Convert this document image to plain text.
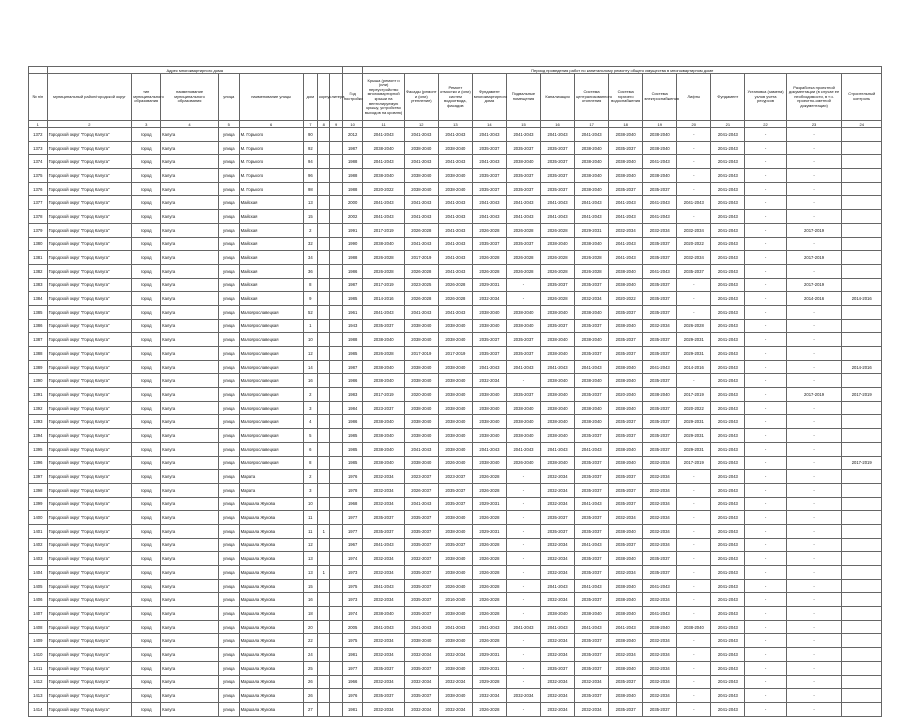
	Адрес многоквартирного дома									Период проведения работ по капитальному ремонту общего имущества в многоквартирном доме													
№ п/п	муниципальный район/городской округ	тип муниципального образования	наименование муниципального образования	улица	наименование улицы	дом	корпус	литера	Год постройки	Крыша (ремонт и (или) переустройство многоквартирной крыши на вентилируемую крышу, устройство выходов на кровлю)	Фасады (ремонт и (или) утепление)	Ремонт отмостки и (или) систем водоотвода, фасадов	Фундамент многоквартирного дома	Подвальные помещения	Канализация	Система централизованного отопления	Система горячего водоснабжения	Система электроснабжения	Лифты	Фундамент	Установка (замена) узлов учета ресурсов	Разработка проектной документации (в случае ее необходимости, в т.ч. проектно-сметной документации)	Строительный контроль
1	2	3	4	5	6	7	8	9	10	11	12	13	14	15	16	17	18	19	20	21	22	23	24
1372	Городской округ "Город Калуга"	город	Калуга	улица	М. Горького	90			2012	2041-2043	2041-2043	2041-2043	2041-2043	2041-2043	2041-2043	2041-2043	2038-2040	2038-2040	-	2041-2043	-	-	
1373	Городской округ "Город Калуга"	город	Калуга	улица	М. Горького	92			1987	2038-2040	2038-2040	2038-2040	2035-2037	2035-2037	2035-2037	2038-2040	2035-2037	2038-2040	-	2041-2043	-	-	
1374	Городской округ "Город Калуга"	город	Калуга	улица	М. Горького	94			1988	2041-2043	2041-2043	2041-2043	2041-2043	2038-2040	2035-2037	2038-2040	2038-2040	2041-2043	-	2041-2043	-	-	
1375	Городской округ "Город Калуга"	город	Калуга	улица	М. Горького	96			1988	2038-2040	2038-2040	2038-2040	2035-2037	2035-2037	2035-2037	2038-2040	2038-2040	2038-2040	-	2041-2043	-	-	
1376	Городской округ "Город Калуга"	город	Калуга	улица	М. Горького	98			1988	2020-2022	2038-2040	2038-2040	2035-2037	2035-2037	2035-2037	2038-2040	2035-2037	2035-2037	-	2041-2043	-	-	
1377	Городской округ "Город Калуга"	город	Калуга	улица	Майская	13			2000	2041-2043	2041-2043	2041-2043	2041-2043	2041-2043	2041-2043	2041-2043	2041-2043	2041-2043	2041-2043	2041-2043	-	-	
1378	Городской округ "Город Калуга"	город	Калуга	улица	Майская	15			2002	2041-2043	2041-2043	2041-2043	2041-2043	2041-2043	2041-2043	2041-2043	2041-2043	2041-2043	-	2041-2043	-	-	
1379	Городской округ "Город Калуга"	город	Калуга	улица	Майская	2			1991	2017-2019	2026-2028	2041-2043	2026-2028	2026-2028	2026-2028	2029-2031	2032-2034	2032-2034	2032-2034	2041-2043	-	2017-2019	
1380	Городской округ "Город Калуга"	город	Калуга	улица	Майская	32			1990	2038-2040	2041-2043	2041-2043	2035-2037	2035-2037	2038-2040	2038-2040	2041-2043	2035-2037	2020-2022	2041-2043	-	-	
1381	Городской округ "Город Калуга"	город	Калуга	улица	Майская	34			1988	2026-2028	2017-2019	2041-2043	2026-2028	2026-2028	2026-2028	2026-2028	2041-2043	2035-2037	2032-2034	2041-2043	-	2017-2019	
1382	Городской округ "Город Калуга"	город	Калуга	улица	Майская	36			1986	2026-2028	2026-2028	2041-2043	2026-2028	2026-2028	2026-2028	2026-2028	2038-2040	2041-2043	2035-2037	2041-2043	-	-	
1383	Городской округ "Город Калуга"	город	Калуга	улица	Майская	8			1987	2017-2019	2023-2025	2026-2028	2029-2031	-	2035-2037	2035-2037	2038-2040	2035-2037	-	2041-2043	-	2017-2019	
1384	Городской округ "Город Калуга"	город	Калуга	улица	Майская	9			1985	2014-2016	2026-2028	2026-2028	2032-2034	-	2026-2028	2032-2034	2020-2022	2035-2037	-	2041-2043	-	2014-2016	2014-2016
1385	Городской округ "Город Калуга"	город	Калуга	улица	Малоярославецкая	52			1961	2041-2043	2041-2043	2041-2043	2038-2040	2038-2040	2038-2040	2038-2040	2035-2037	2035-2037	-	2041-2043	-	-	
1386	Городской округ "Город Калуга"	город	Калуга	улица	Малоярославецкая	1			1943	2035-2037	2038-2040	2038-2040	2038-2040	2038-2040	2035-2037	2035-2037	2038-2040	2032-2034	2026-2028	2041-2043	-	-	
1387	Городской округ "Город Калуга"	город	Калуга	улица	Малоярославецкая	10			1988	2038-2040	2038-2040	2038-2040	2035-2037	2035-2037	2038-2040	2038-2040	2035-2037	2035-2037	2029-2031	2041-2043	-	-	
1388	Городской округ "Город Калуга"	город	Калуга	улица	Малоярославецкая	12			1985	2026-2028	2017-2019	2017-2019	2035-2037	2035-2037	2038-2040	2035-2037	2035-2037	2035-2037	2029-2031	2041-2043	-	-	
1389	Городской округ "Город Калуга"	город	Калуга	улица	Малоярославецкая	14			1987	2038-2040	2038-2040	2038-2040	2041-2043	2041-2043	2041-2043	2041-2043	2038-2040	2041-2043	2014-2016	2041-2043	-	-	2014-2016
1390	Городской округ "Город Калуга"	город	Калуга	улица	Малоярославецкая	16			1986	2038-2040	2038-2040	2038-2040	2032-2034	-	2038-2040	2038-2040	2038-2040	2035-2037	-	2041-2043	-	-	
1391	Городской округ "Город Калуга"	город	Калуга	улица	Малоярославецкая	2			1983	2017-2019	2020-2040	2038-2040	2038-2040	2035-2037	2038-2040	2035-2037	2020-2040	2038-2040	2017-2019	2041-2043	-	2017-2019	2017-2019
1392	Городской округ "Город Калуга"	город	Калуга	улица	Малоярославецкая	3			1984	2023-2037	2038-2040	2038-2040	2038-2040	2038-2040	2038-2040	2038-2040	2038-2040	2035-2037	2020-2022	2041-2043	-	-	
1393	Городской округ "Город Калуга"	город	Калуга	улица	Малоярославецкая	4			1986	2038-2040	2038-2040	2038-2040	2038-2040	2038-2040	2038-2040	2038-2040	2035-2037	2035-2037	2029-2031	2041-2043	-	-	
1394	Городской округ "Город Калуга"	город	Калуга	улица	Малоярославецкая	5			1985	2038-2040	2038-2040	2038-2040	2038-2040	2038-2040	2038-2040	2035-2037	2035-2037	2035-2037	2029-2031	2041-2043	-	-	
1395	Городской округ "Город Калуга"	город	Калуга	улица	Малоярославецкая	6			1985	2038-2040	2041-2043	2038-2040	2041-2043	2041-2043	2041-2043	2041-2043	2038-2040	2035-2037	2029-2031	2041-2043	-	-	
1396	Городской округ "Город Калуга"	город	Калуга	улица	Малоярославецкая	8			1985	2038-2040	2038-2040	2026-2040	2038-2040	2026-2040	2038-2040	2035-2037	2038-2040	2032-2034	2017-2019	2041-2043	-	-	2017-2019
1397	Городской округ "Город Калуга"	город	Калуга	улица	Марата	2			1976	2032-2034	2023-2037	2023-2037	2026-2028	-	2032-2034	2035-2037	2035-2037	2032-2034	-	2041-2043	-	-	
1398	Городской округ "Город Калуга"	город	Калуга	улица	Марата	3			1978	2032-2034	2026-2037	2035-2037	2026-2028	-	2032-2034	2035-2037	2035-2037	2032-2034	-	2041-2043	-	-	
1399	Городской округ "Город Калуга"	город	Калуга	улица	Маршала Жукова	10			1968	2032-2034	2041-2043	2035-2037	2029-2031	-	2032-2034	2041-2043	2035-2037	2032-2034	-	2041-2043	-	-	
1400	Городской округ "Город Калуга"	город	Калуга	улица	Маршала Жукова	11			1977	2035-2037	2035-2037	2038-2040	2026-2028	-	2035-2037	2035-2037	2032-2034	2032-2034	-	2041-2043	-	-	
1401	Городской округ "Город Калуга"	город	Калуга	улица	Маршала Жукова	11	1		1977	2035-2037	2035-2037	2038-2040	2029-2031	-	2035-2037	2035-2037	2038-2040	2032-2034	-	2041-2043	-	-	
1402	Городской округ "Город Калуга"	город	Калуга	улица	Маршала Жукова	12			1967	2041-2043	2035-2037	2035-2037	2026-2028	-	2032-2034	2041-2043	2035-2037	2032-2034	-	2041-2043	-	-	
1403	Городской округ "Город Калуга"	город	Калуга	улица	Маршала Жукова	13			1974	2032-2034	2032-2037	2038-2040	2026-2028	-	2032-2034	2035-2037	2038-2040	2035-2037	-	2041-2043	-	-	
1404	Городской округ "Город Калуга"	город	Калуга	улица	Маршала Жукова	13	1		1973	2032-2034	2035-2037	2038-2040	2026-2028	-	2032-2034	2035-2037	2032-2034	2035-2037	-	2041-2043	-	-	
1405	Городской округ "Город Калуга"	город	Калуга	улица	Маршала Жукова	15			1975	2041-2043	2035-2037	2026-2040	2026-2028	-	2041-2043	2041-2043	2038-2040	2041-2043	-	2041-2043	-	-	
1406	Городской округ "Город Калуга"	город	Калуга	улица	Маршала Жукова	16			1973	2032-2034	2035-2037	2016-2040	2026-2028	-	2032-2034	2035-2037	2038-2040	2032-2034	-	2041-2043	-	-	
1407	Городской округ "Город Калуга"	город	Калуга	улица	Маршала Жукова	18			1974	2038-2040	2035-2037	2038-2040	2026-2028	-	2038-2040	2038-2040	2038-2040	2041-2043	-	2041-2043	-	-	
1408	Городской округ "Город Калуга"	город	Калуга	улица	Маршала Жукова	20			2005	2041-2043	2041-2043	2041-2043	2041-2043	2041-2043	2041-2043	2041-2043	2041-2043	2038-2040	2038-2040	2041-2043	-	-	
1409	Городской округ "Город Калуга"	город	Калуга	улица	Маршала Жукова	22			1975	2032-2034	2038-2040	2038-2040	2026-2028	-	2032-2034	2035-2037	2038-2040	2032-2034	-	2041-2043	-	-	
1410	Городской округ "Город Калуга"	город	Калуга	улица	Маршала Жукова	24			1981	2032-2034	2032-2034	2032-2034	2029-2031	-	2032-2034	2035-2037	2032-2034	2032-2034	-	2041-2043	-	-	
1411	Городской округ "Город Калуга"	город	Калуга	улица	Маршала Жукова	25			1977	2035-2037	2035-2037	2038-2040	2029-2031	-	2035-2037	2035-2037	2038-2040	2032-2034	-	2041-2043	-	-	
1412	Городской округ "Город Калуга"	город	Калуга	улица	Маршала Жукова	26			1966	2032-2034	2032-2034	2032-2034	2029-2028	-	2032-2034	2032-2034	2035-2037	2032-2034	-	2041-2043	-	-	
1413	Городской округ "Город Калуга"	город	Калуга	улица	Маршала Жукова	26			1976	2035-2037	2035-2037	2038-2040	2032-2034	2032-2034	2032-2034	2035-2037	2038-2040	2032-2034	-	2041-2043	-	-	
1414	Городской округ "Город Калуга"	город	Калуга	улица	Маршала Жукова	27			1981	2032-2034	2032-2034	2032-2034	2026-2028	-	2032-2034	2032-2034	2035-2037	2035-2037	-	2041-2043	-	-	
